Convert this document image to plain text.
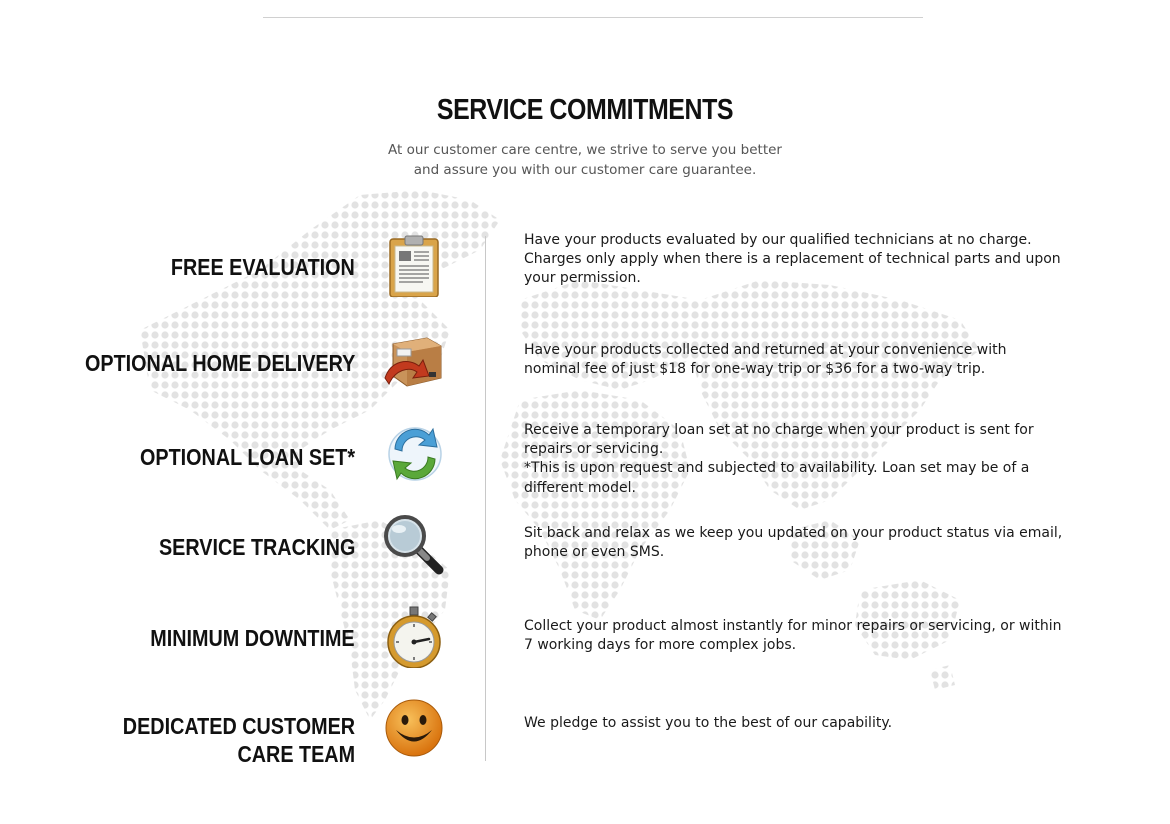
SERVICE COMMITMENTS
At our customer care centre, we strive to serve you better
and assure you with our customer care guarantee.
FREE EVALUATION
Have your products evaluated by our qualified technicians at no charge. Charges only apply when there is a replacement of technical parts and upon your permission.
OPTIONAL HOME DELIVERY	Have your products collected and returned at your convenience with nominal fee of just $18 for one-way trip or $36 for a two-way trip.
OPTIONAL LOAN SET*

Receive a temporary loan set at no charge when your product is sent for repairs or servicing.

*This is upon request and subjected to availability. Loan set may be of a different model.

SERVICE TRACKING
Sit back and relax as we keep you updated on your product status via email, phone or even SMS.
MINIMUM DOWNTIME	Collect your product almost instantly for minor repairs or servicing, or within 7 working days for more complex jobs.
DEDICATED CUSTOMER
CARE TEAM
We pledge to assist you to the best of our capability.
